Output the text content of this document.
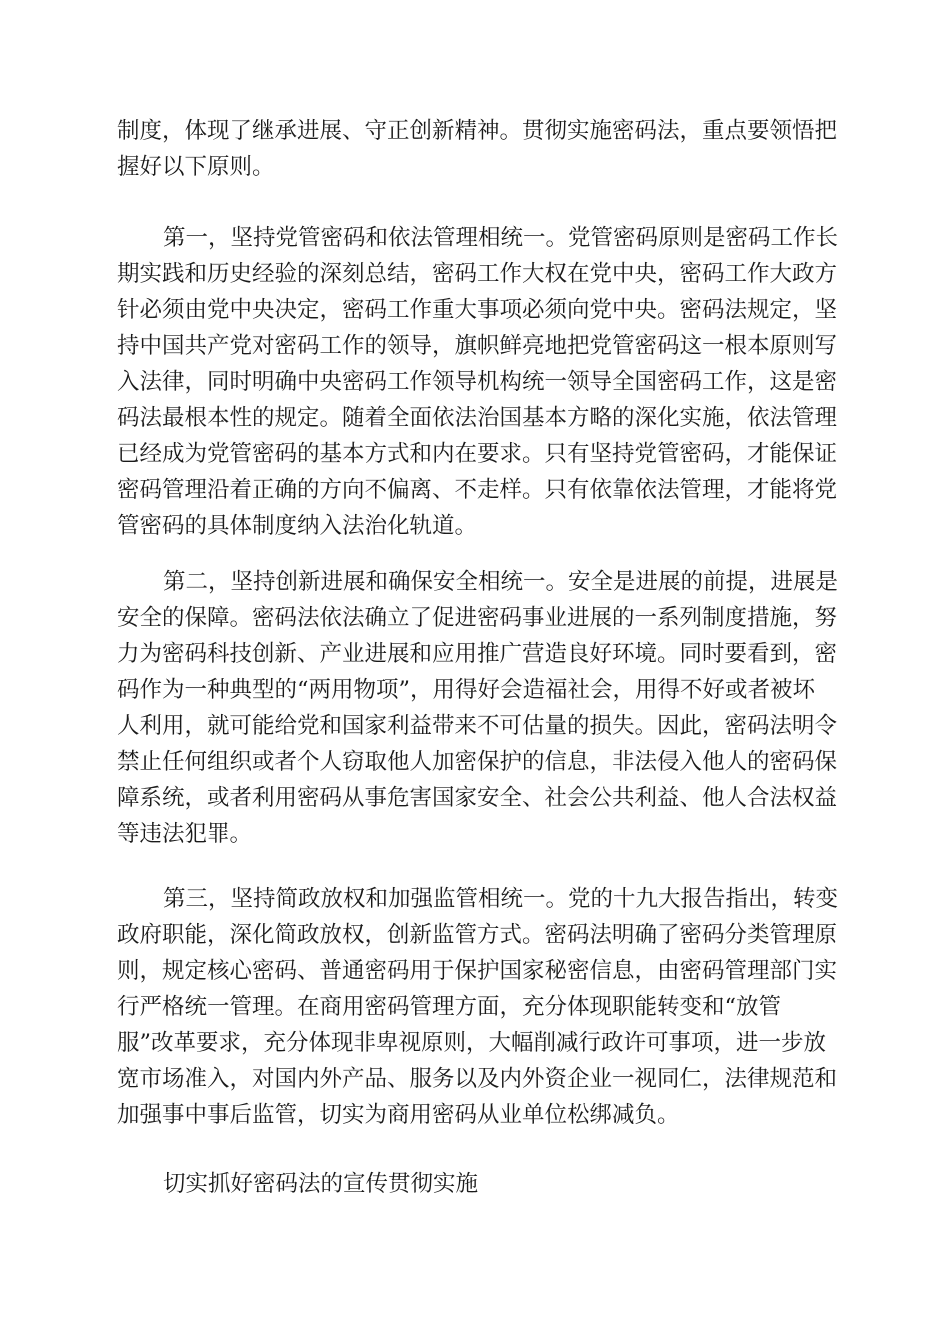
制度，体现了继承进展、守正创新精神。贯彻实施密码法，重点要领悟把
握好以下原则。
第一，坚持党管密码和依法管理相统一。党管密码原则是密码工作长
期实践和历史经验的深刻总结，密码工作大权在党中央，密码工作大政方
针必须由党中央决定，密码工作重大事项必须向党中央。密码法规定，坚
持中国共产党对密码工作的领导，旗帜鲜亮地把党管密码这一根本原则写
入法律，同时明确中央密码工作领导机构统一领导全国密码工作，这是密
码法最根本性的规定。随着全面依法治国基本方略的深化实施，依法管理
已经成为党管密码的基本方式和内在要求。只有坚持党管密码，才能保证
密码管理沿着正确的方向不偏离、不走样。只有依靠依法管理，才能将党
管密码的具体制度纳入法治化轨道。
第二，坚持创新进展和确保安全相统一。安全是进展的前提，进展是
安全的保障。密码法依法确立了促进密码事业进展的一系列制度措施，努
力为密码科技创新、产业进展和应用推广营造良好环境。同时要看到，密
码作为一种典型的“两用物项”，用得好会造福社会，用得不好或者被坏
人利用，就可能给党和国家利益带来不可估量的损失。因此，密码法明令
禁止任何组织或者个人窃取他人加密保护的信息，非法侵入他人的密码保
障系统，或者利用密码从事危害国家安全、社会公共利益、他人合法权益
等违法犯罪。
第三，坚持简政放权和加强监管相统一。党的十九大报告指出，转变
政府职能，深化简政放权，创新监管方式。密码法明确了密码分类管理原
则，规定核心密码、普通密码用于保护国家秘密信息，由密码管理部门实
行严格统一管理。在商用密码管理方面，充分体现职能转变和“放管
服”改革要求，充分体现非卑视原则，大幅削减行政许可事项，进一步放
宽市场准入，对国内外产品、服务以及内外资企业一视同仁，法律规范和
加强事中事后监管，切实为商用密码从业单位松绑减负。
切实抓好密码法的宣传贯彻实施
